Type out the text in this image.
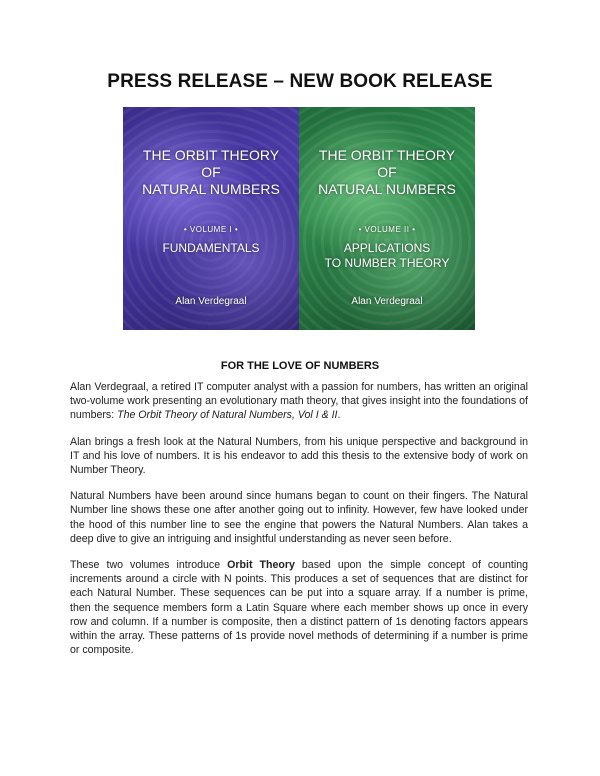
PRESS RELEASE – NEW BOOK RELEASE
THE ORBIT THEORY
OF
NATURAL NUMBERS
• VOLUME I •
FUNDAMENTALS
Alan Verdegraal
THE ORBIT THEORY
OF
NATURAL NUMBERS
• VOLUME II •
APPLICATIONS
TO NUMBER THEORY
Alan Verdegraal
FOR THE LOVE OF NUMBERS

Alan Verdegraal, a retired IT computer analyst with a passion for numbers, has written an original two-volume work presenting an evolutionary math theory, that gives insight into the foundations of numbers: The Orbit Theory of Natural Numbers, Vol I & II.

Alan brings a fresh look at the Natural Numbers, from his unique perspective and background in IT and his love of numbers. It is his endeavor to add this thesis to the extensive body of work on Number Theory.

Natural Numbers have been around since humans began to count on their fingers. The Natural Number line shows these one after another going out to infinity. However, few have looked under the hood of this number line to see the engine that powers the Natural Numbers. Alan takes a deep dive to give an intriguing and insightful understanding as never seen before.

These two volumes introduce Orbit Theory based upon the simple concept of counting increments around a circle with N points. This produces a set of sequences that are distinct for each Natural Number. These sequences can be put into a square array. If a number is prime, then the sequence members form a Latin Square where each member shows up once in every row and column. If a number is composite, then a distinct pattern of 1s denoting factors appears within the array. These patterns of 1s provide novel methods of determining if a number is prime or composite.
